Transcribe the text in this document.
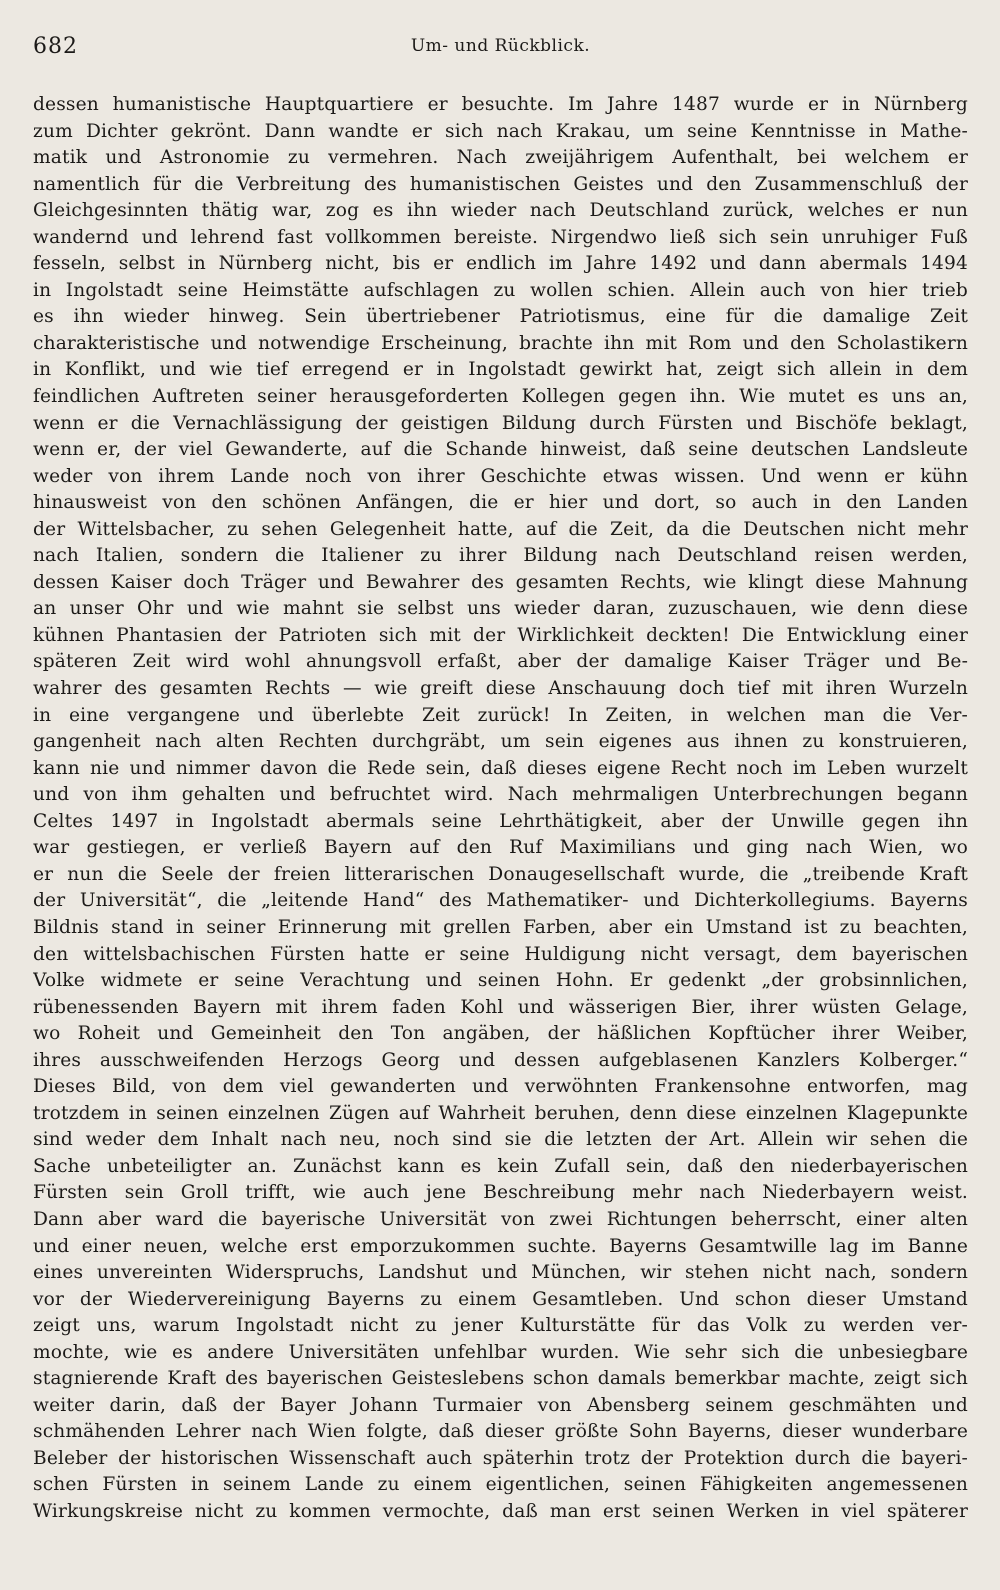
682	Um- und Rückblick.
dessen humanistische Hauptquartiere er besuchte. Im Jahre 1487 wurde er in Nürnberg
zum Dichter gekrönt. Dann wandte er sich nach Krakau, um seine Kenntnisse in Mathe-
matik und Astronomie zu vermehren. Nach zweijährigem Aufenthalt, bei welchem er
namentlich für die Verbreitung des humanistischen Geistes und den Zusammenschluß der
Gleichgesinnten thätig war, zog es ihn wieder nach Deutschland zurück, welches er nun
wandernd und lehrend fast vollkommen bereiste. Nirgendwo ließ sich sein unruhiger Fuß
fesseln, selbst in Nürnberg nicht, bis er endlich im Jahre 1492 und dann abermals 1494
in Ingolstadt seine Heimstätte aufschlagen zu wollen schien. Allein auch von hier trieb
es ihn wieder hinweg. Sein übertriebener Patriotismus, eine für die damalige Zeit
charakteristische und notwendige Erscheinung, brachte ihn mit Rom und den Scholastikern
in Konflikt, und wie tief erregend er in Ingolstadt gewirkt hat, zeigt sich allein in dem
feindlichen Auftreten seiner herausgeforderten Kollegen gegen ihn. Wie mutet es uns an,
wenn er die Vernachlässigung der geistigen Bildung durch Fürsten und Bischöfe beklagt,
wenn er, der viel Gewanderte, auf die Schande hinweist, daß seine deutschen Landsleute
weder von ihrem Lande noch von ihrer Geschichte etwas wissen. Und wenn er kühn
hinausweist von den schönen Anfängen, die er hier und dort, so auch in den Landen
der Wittelsbacher, zu sehen Gelegenheit hatte, auf die Zeit, da die Deutschen nicht mehr
nach Italien, sondern die Italiener zu ihrer Bildung nach Deutschland reisen werden,
dessen Kaiser doch Träger und Bewahrer des gesamten Rechts, wie klingt diese Mahnung
an unser Ohr und wie mahnt sie selbst uns wieder daran, zuzuschauen, wie denn diese
kühnen Phantasien der Patrioten sich mit der Wirklichkeit deckten! Die Entwicklung einer
späteren Zeit wird wohl ahnungsvoll erfaßt, aber der damalige Kaiser Träger und Be-
wahrer des gesamten Rechts — wie greift diese Anschauung doch tief mit ihren Wurzeln
in eine vergangene und überlebte Zeit zurück! In Zeiten, in welchen man die Ver-
gangenheit nach alten Rechten durchgräbt, um sein eigenes aus ihnen zu konstruieren,
kann nie und nimmer davon die Rede sein, daß dieses eigene Recht noch im Leben wurzelt
und von ihm gehalten und befruchtet wird. Nach mehrmaligen Unterbrechungen begann
Celtes 1497 in Ingolstadt abermals seine Lehrthätigkeit, aber der Unwille gegen ihn
war gestiegen, er verließ Bayern auf den Ruf Maximilians und ging nach Wien, wo
er nun die Seele der freien litterarischen Donaugesellschaft wurde, die „treibende Kraft
der Universität“, die „leitende Hand“ des Mathematiker- und Dichterkollegiums. Bayerns
Bildnis stand in seiner Erinnerung mit grellen Farben, aber ein Umstand ist zu beachten,
den wittelsbachischen Fürsten hatte er seine Huldigung nicht versagt, dem bayerischen
Volke widmete er seine Verachtung und seinen Hohn. Er gedenkt „der grobsinnlichen,
rübenessenden Bayern mit ihrem faden Kohl und wässerigen Bier, ihrer wüsten Gelage,
wo Roheit und Gemeinheit den Ton angäben, der häßlichen Kopftücher ihrer Weiber,
ihres ausschweifenden Herzogs Georg und dessen aufgeblasenen Kanzlers Kolberger.“
Dieses Bild, von dem viel gewanderten und verwöhnten Frankensohne entworfen, mag
trotzdem in seinen einzelnen Zügen auf Wahrheit beruhen, denn diese einzelnen Klagepunkte
sind weder dem Inhalt nach neu, noch sind sie die letzten der Art. Allein wir sehen die
Sache unbeteiligter an. Zunächst kann es kein Zufall sein, daß den niederbayerischen
Fürsten sein Groll trifft, wie auch jene Beschreibung mehr nach Niederbayern weist.
Dann aber ward die bayerische Universität von zwei Richtungen beherrscht, einer alten
und einer neuen, welche erst emporzukommen suchte. Bayerns Gesamtwille lag im Banne
eines unvereinten Widerspruchs, Landshut und München, wir stehen nicht nach, sondern
vor der Wiedervereinigung Bayerns zu einem Gesamtleben. Und schon dieser Umstand
zeigt uns, warum Ingolstadt nicht zu jener Kulturstätte für das Volk zu werden ver-
mochte, wie es andere Universitäten unfehlbar wurden. Wie sehr sich die unbesiegbare
stagnierende Kraft des bayerischen Geisteslebens schon damals bemerkbar machte, zeigt sich
weiter darin, daß der Bayer Johann Turmaier von Abensberg seinem geschmähten und
schmähenden Lehrer nach Wien folgte, daß dieser größte Sohn Bayerns, dieser wunderbare
Beleber der historischen Wissenschaft auch späterhin trotz der Protektion durch die bayeri-
schen Fürsten in seinem Lande zu einem eigentlichen, seinen Fähigkeiten angemessenen
Wirkungskreise nicht zu kommen vermochte, daß man erst seinen Werken in viel späterer
